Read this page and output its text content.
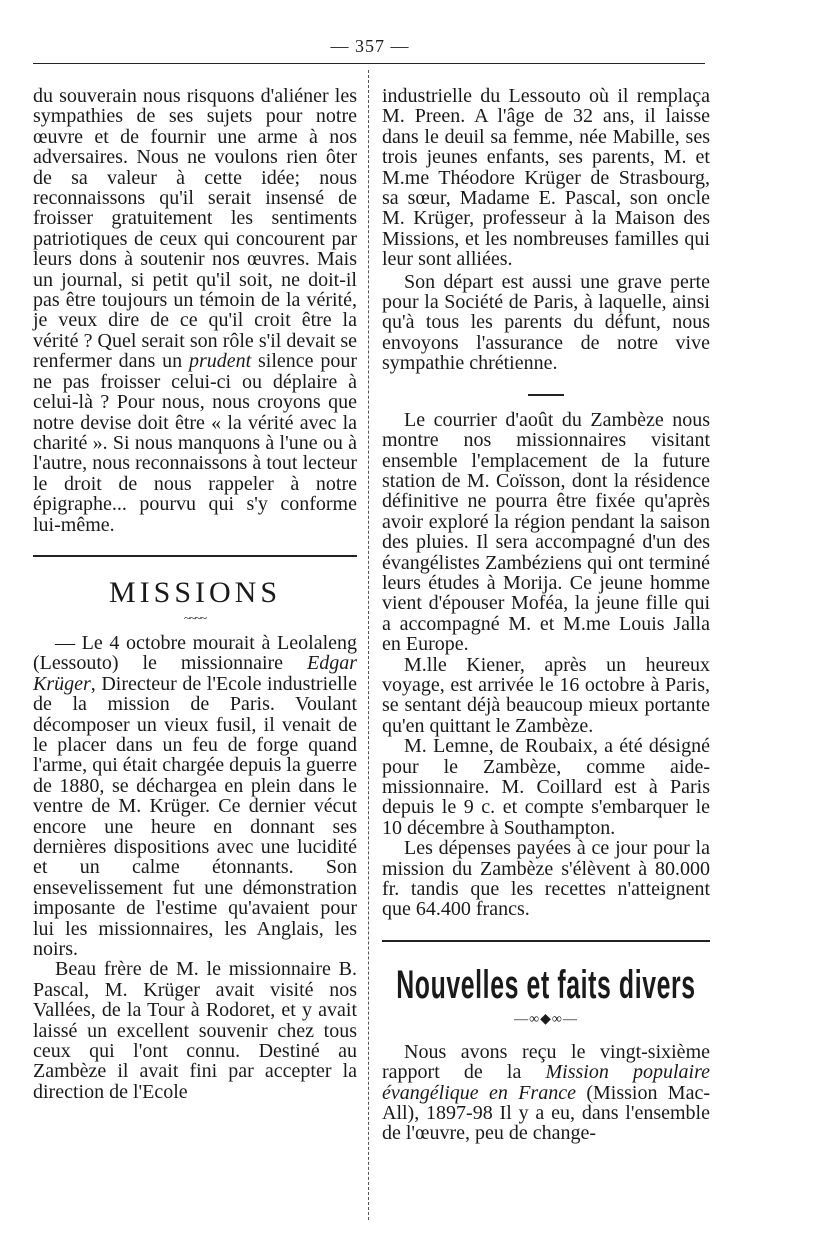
— 357 —

du souverain nous risquons d'aliéner les sympathies de ses sujets pour notre œuvre et de fournir une arme à nos adversaires. Nous ne voulons rien ôter de sa valeur à cette idée; nous reconnaissons qu'il serait insensé de froisser gratuitement les sentiments patriotiques de ceux qui concourent par leurs dons à soutenir nos œuvres. Mais un journal, si petit qu'il soit, ne doit-il pas être toujours un témoin de la vérité, je veux dire de ce qu'il croit être la vérité ? Quel serait son rôle s'il devait se renfermer dans un prudent silence pour ne pas froisser celui-ci ou déplaire à celui-là ? Pour nous, nous croyons que notre devise doit être « la vérité avec la charité ». Si nous manquons à l'une ou à l'autre, nous reconnaissons à tout lecteur le droit de nous rappeler à notre épigraphe... pourvu qui s'y conforme lui-même.

MISSIONS
~~~~

— Le 4 octobre mourait à Leolaleng (Lessouto) le missionnaire Edgar Krüger, Directeur de l'Ecole industrielle de la mission de Paris. Voulant décomposer un vieux fusil, il venait de le placer dans un feu de forge quand l'arme, qui était chargée depuis la guerre de 1880, se déchargea en plein dans le ventre de M. Krüger. Ce dernier vécut encore une heure en donnant ses dernières dispositions avec une lucidité et un calme étonnants. Son ensevelissement fut une démonstration imposante de l'estime qu'avaient pour lui les missionnaires, les Anglais, les noirs.

Beau frère de M. le missionnaire B. Pascal, M. Krüger avait visité nos Vallées, de la Tour à Rodoret, et y avait laissé un excellent souvenir chez tous ceux qui l'ont connu. Destiné au Zambèze il avait fini par accepter la direction de l'Ecole

industrielle du Lessouto où il remplaça M. Preen. A l'âge de 32 ans, il laisse dans le deuil sa femme, née Mabille, ses trois jeunes enfants, ses parents, M. et M.me Théodore Krüger de Strasbourg, sa sœur, Madame E. Pascal, son oncle M. Krüger, professeur à la Maison des Missions, et les nombreuses familles qui leur sont alliées.

Son départ est aussi une grave perte pour la Société de Paris, à laquelle, ainsi qu'à tous les parents du défunt, nous envoyons l'assurance de notre vive sympathie chrétienne.

Le courrier d'août du Zambèze nous montre nos missionnaires visitant ensemble l'emplacement de la future station de M. Coïsson, dont la résidence définitive ne pourra être fixée qu'après avoir exploré la région pendant la saison des pluies. Il sera accompagné d'un des évangélistes Zambéziens qui ont terminé leurs études à Morija. Ce jeune homme vient d'épouser Moféa, la jeune fille qui a accompagné M. et M.me Louis Jalla en Europe.

M.lle Kiener, après un heureux voyage, est arrivée le 16 octobre à Paris, se sentant déjà beaucoup mieux portante qu'en quittant le Zambèze.

M. Lemne, de Roubaix, a été désigné pour le Zambèze, comme aide-missionnaire. M. Coillard est à Paris depuis le 9 c. et compte s'embarquer le 10 décembre à Southampton.

Les dépenses payées à ce jour pour la mission du Zambèze s'élèvent à 80.000 fr. tandis que les recettes n'atteignent que 64.400 francs.

Nouvelles et faits divers
—∞◆∞—

Nous avons reçu le vingt-sixième rapport de la Mission populaire évangélique en France (Mission Mac-All), 1897-98 Il y a eu, dans l'ensemble de l'œuvre, peu de change-
